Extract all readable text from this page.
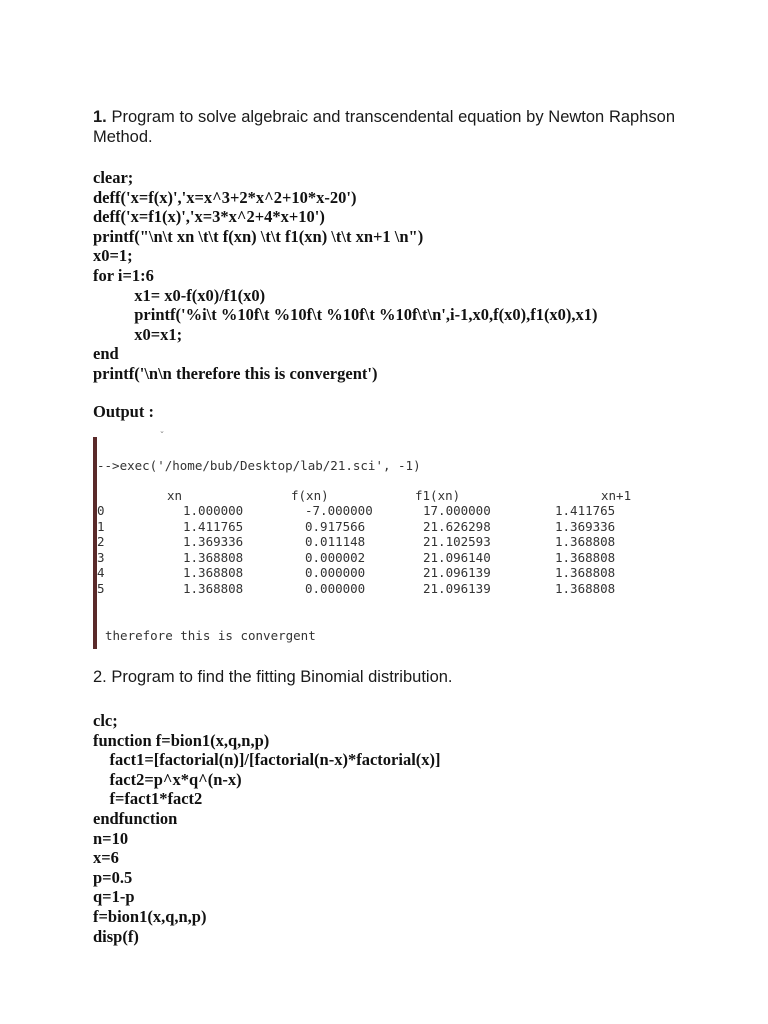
1. Program to solve algebraic and transcendental equation by Newton Raphson Method.

clear;
deff('x=f(x)','x=x^3+2*x^2+10*x-20')
deff('x=f1(x)','x=3*x^2+4*x+10')
printf("\n\t xn \t\t f(xn) \t\t f1(xn) \t\t xn+1 \n")
x0=1;
for i=1:6
x1= x0-f(x0)/f1(x0)
printf('%i\t %10f\t %10f\t %10f\t %10f\t\n',i-1,x0,f(x0),f1(x0),x1)
x0=x1;
end
printf('\n\n therefore this is convergent')
Output :
ˇ
-->exec('/home/bub/Desktop/lab/21.sci', -1)
xn	f(xn)	f1(xn)	xn+1
0	1.000000	-7.000000	17.000000	1.411765
1	1.411765	0.917566	21.626298	1.369336
2	1.369336	0.011148	21.102593	1.368808
3	1.368808	0.000002	21.096140	1.368808
4	1.368808	0.000000	21.096139	1.368808
5	1.368808	0.000000	21.096139	1.368808
therefore this is convergent

2. Program to find the fitting Binomial distribution.

clc;
function f=bion1(x,q,n,p)
fact1=[factorial(n)]/[factorial(n-x)*factorial(x)]
fact2=p^x*q^(n-x)
f=fact1*fact2
endfunction
n=10
x=6
p=0.5
q=1-p
f=bion1(x,q,n,p)
disp(f)
